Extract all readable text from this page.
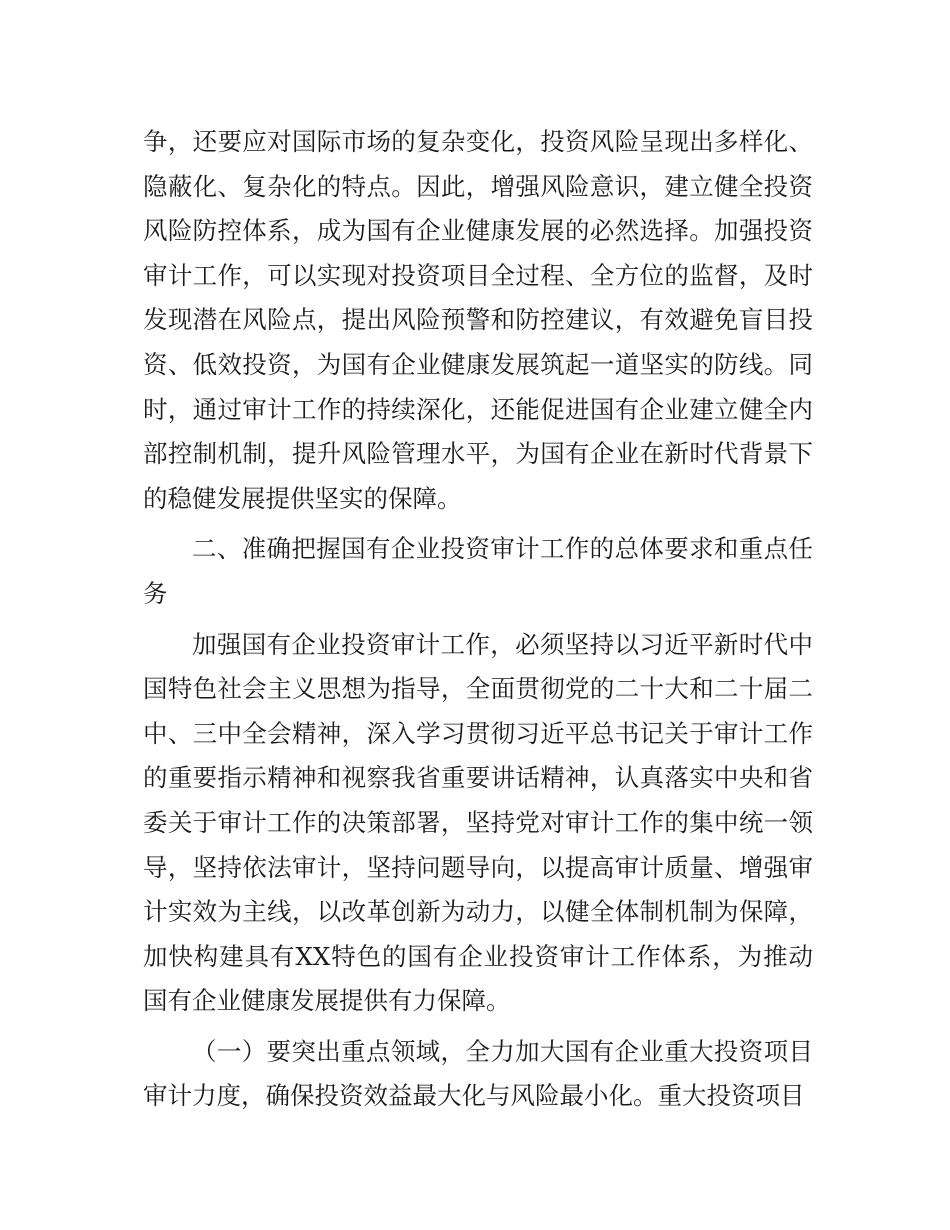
争，还要应对国际市场的复杂变化，投资风险呈现出多样化、隐蔽化、复杂化的特点。因此，增强风险意识，建立健全投资风险防控体系，成为国有企业健康发展的必然选择。加强投资审计工作，可以实现对投资项目全过程、全方位的监督，及时发现潜在风险点，提出风险预警和防控建议，有效避免盲目投资、低效投资，为国有企业健康发展筑起一道坚实的防线。同时，通过审计工作的持续深化，还能促进国有企业建立健全内部控制机制，提升风险管理水平，为国有企业在新时代背景下的稳健发展提供坚实的保障。

二、准确把握国有企业投资审计工作的总体要求和重点任务

加强国有企业投资审计工作，必须坚持以习近平新时代中国特色社会主义思想为指导，全面贯彻党的二十大和二十届二中、三中全会精神，深入学习贯彻习近平总书记关于审计工作的重要指示精神和视察我省重要讲话精神，认真落实中央和省委关于审计工作的决策部署，坚持党对审计工作的集中统一领导，坚持依法审计，坚持问题导向，以提高审计质量、增强审计实效为主线，以改革创新为动力，以健全体制机制为保障，加快构建具有XX特色的国有企业投资审计工作体系，为推动国有企业健康发展提供有力保障。

（一）要突出重点领域，全力加大国有企业重大投资项目审计力度，确保投资效益最大化与风险最小化。重大投资项目
